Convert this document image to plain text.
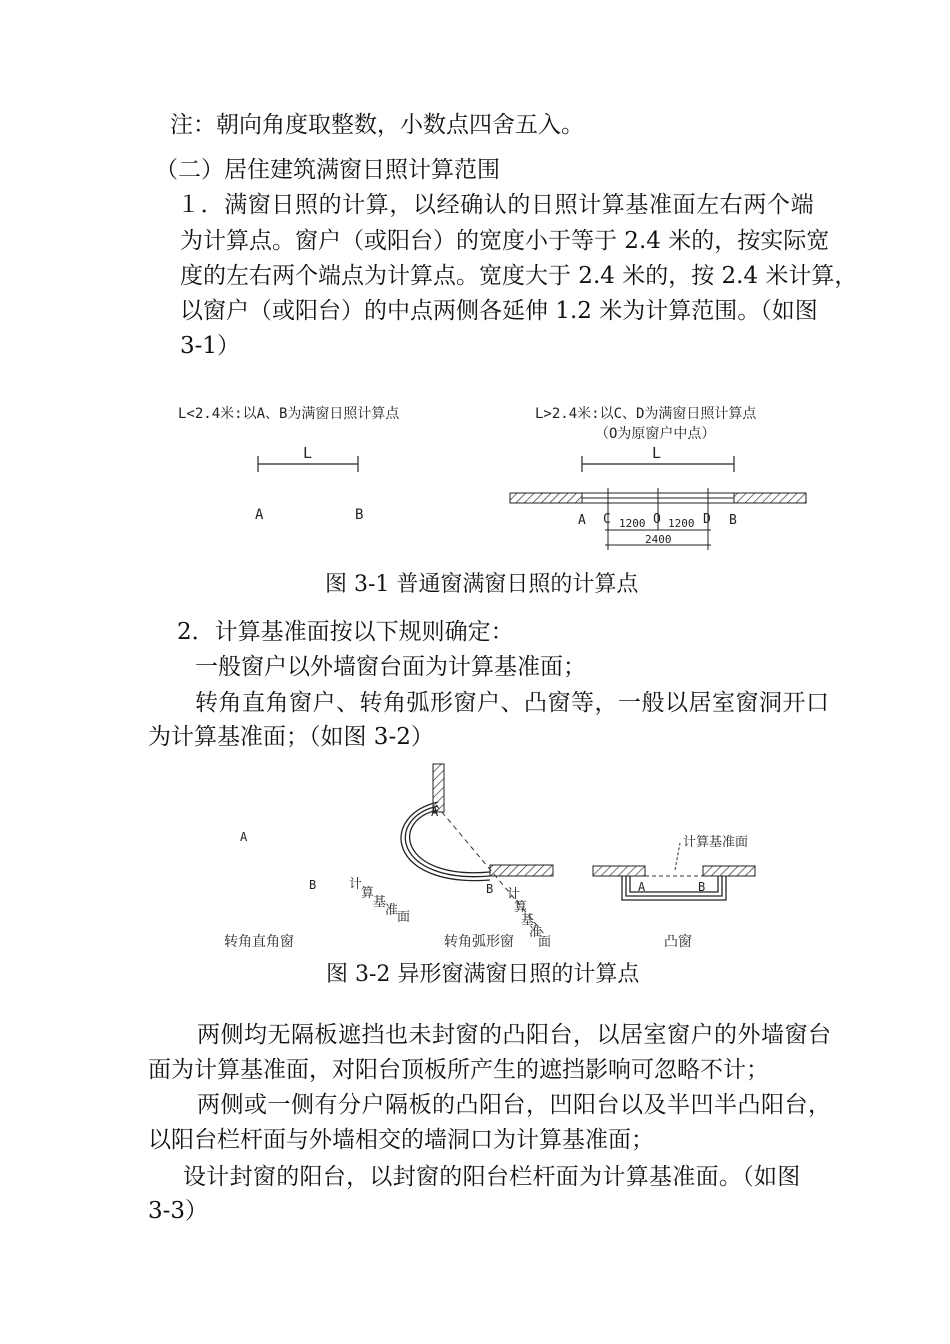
注：朝向角度取整数，小数点四舍五入。
（二）居住建筑满窗日照计算范围
１．满窗日照的计算，以经确认的日照计算基准面左右两个端
为计算点。窗户（或阳台）的宽度小于等于 2.4 米的，按实际宽
度的左右两个端点为计算点。宽度大于 2.4 米的，按 2.4 米计算，
以窗户（或阳台）的中点两侧各延伸 1.2 米为计算范围。（如图
3-1）
图 3-1 普通窗满窗日照的计算点
2．计算基准面按以下规则确定：
一般窗户以外墙窗台面为计算基准面；
转角直角窗户、转角弧形窗户、凸窗等，一般以居室窗洞开口
为计算基准面；（如图 3-2）
图 3-2 异形窗满窗日照的计算点
两侧均无隔板遮挡也未封窗的凸阳台，以居室窗户的外墙窗台
面为计算基准面，对阳台顶板所产生的遮挡影响可忽略不计；
两侧或一侧有分户隔板的凸阳台，凹阳台以及半凹半凸阳台，
以阳台栏杆面与外墙相交的墙洞口为计算基准面；
设计封窗的阳台，以封窗的阳台栏杆面为计算基准面。（如图
3-3）
L<2.4米:以A、B为满窗日照计算点
L
A	B
L>2.4米:以C、D为满窗日照计算点
（O为原窗户中点）
L
A C	O	D B
1200 1200
2400
A
B
转角直角窗
计
算
基
准
面
A
B
转角弧形窗
计
算
基
准
面
计算基准面
A	B
凸窗
